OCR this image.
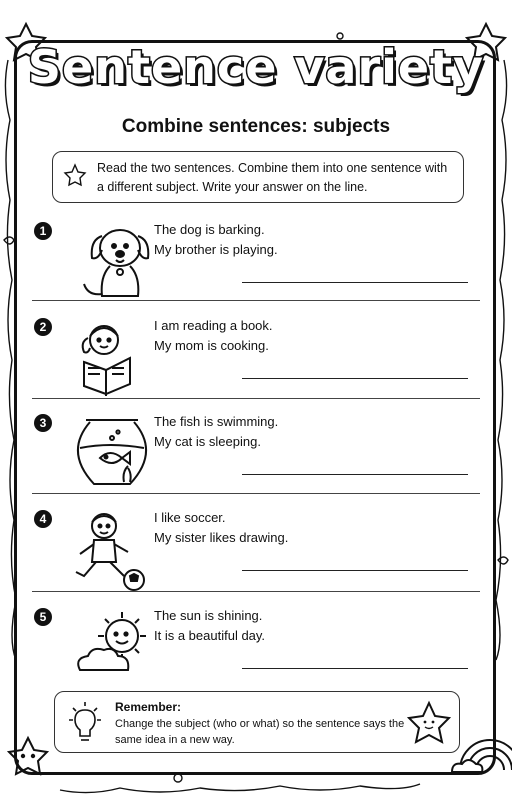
Sentence variety
Combine sentences: subjects
Read the two sentences. Combine them into one sentence with a different subject. Write your answer on the line.
1	The dog is barking.
My brother is playing.
2	I am reading a book.
My mom is cooking.
3	The fish is swimming.
My cat is sleeping.
4	I like soccer.
My sister likes drawing.
5	The sun is shining.
It is a beautiful day.
Remember:
Change the subject (who or what) so the sentence says the same idea in a new way.
